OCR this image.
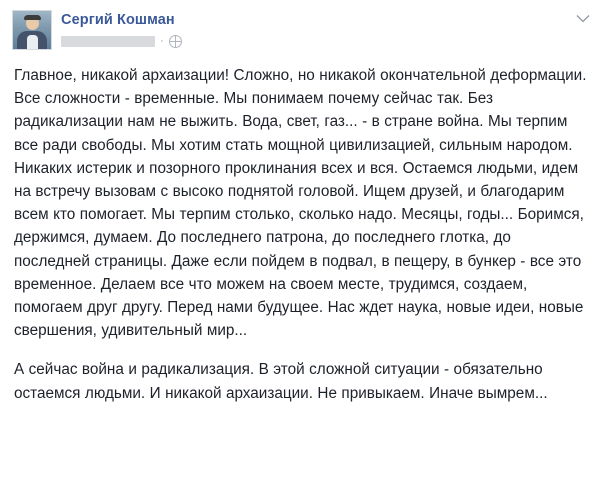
Сергий Кошман
·

Главное, никакой архаизации! Сложно, но никакой окончательной деформации. Все сложности - временные. Мы понимаем почему сейчас так. Без радикализации нам не выжить. Вода, свет, газ... - в стране война. Мы терпим все ради свободы. Мы хотим стать мощной цивилизацией, сильным народом. Никаких истерик и позорного проклинания всех и вся. Остаемся людьми, идем на встречу вызовам с высоко поднятой головой. Ищем друзей, и благодарим всем кто помогает. Мы терпим столько, сколько надо. Месяцы, годы... Боримся, держимся, думаем. До последнего патрона, до последнего глотка, до последней страницы. Даже если пойдем в подвал, в пещеру, в бункер - все это временное. Делаем все что можем на своем месте, трудимся, создаем, помогаем друг другу. Перед нами будущее. Нас ждет наука, новые идеи, новые свершения, удивительный мир...

А сейчас война и радикализация. В этой сложной ситуации - обязательно остаемся людьми. И никакой архаизации. Не привыкаем. Иначе вымрем...
